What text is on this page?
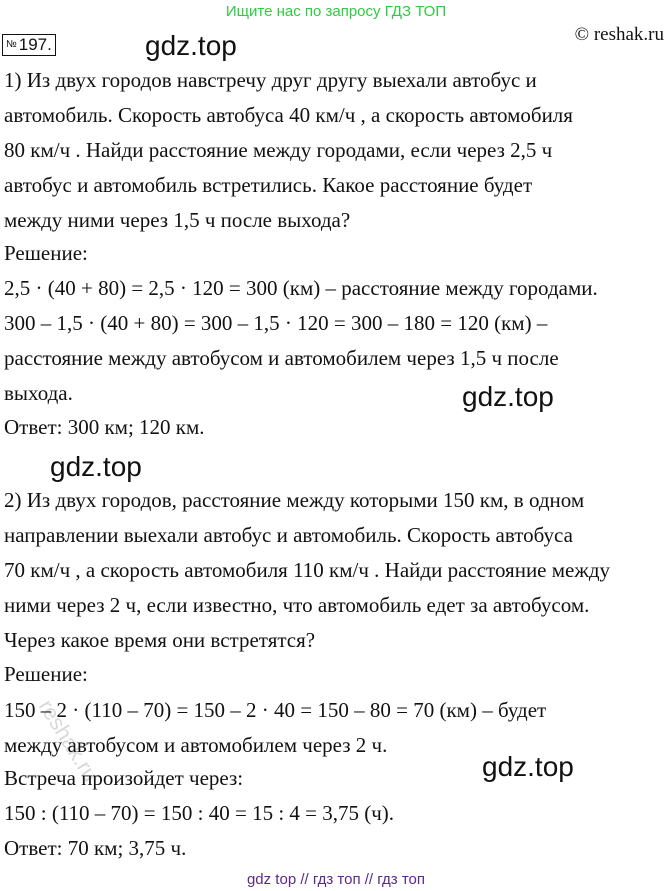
Ищите нас по запросу ГДЗ ТОП
№ 197.	© reshak.ru
gdz.top
gdz.top
gdz.top
gdz.top
reshak.ru
1) Из двух городов навстречу друг другу выехали автобус и
автомобиль. Скорость автобуса 40 км/ч , а скорость автомобиля
80 км/ч . Найди расстояние между городами, если через 2,5 ч
автобус и автомобиль встретились. Какое расстояние будет
между ними через 1,5 ч после выхода?
Решение:
2,5 · (40 + 80) = 2,5 · 120 = 300 (км) – расстояние между городами.
300 – 1,5 · (40 + 80) = 300 – 1,5 · 120 = 300 – 180 = 120 (км) –
расстояние между автобусом и автомобилем через 1,5 ч после
выхода.
Ответ: 300 км; 120 км.
2) Из двух городов, расстояние между которыми 150 км, в одном
направлении выехали автобус и автомобиль. Скорость автобуса
70 км/ч , а скорость автомобиля 110 км/ч . Найди расстояние между
ними через 2 ч, если известно, что автомобиль едет за автобусом.
Через какое время они встретятся?
Решение:
150 – 2 · (110 – 70) = 150 – 2 · 40 = 150 – 80 = 70 (км) – будет
между автобусом и автомобилем через 2 ч.
Встреча произойдет через:
150 : (110 – 70) = 150 : 40 = 15 : 4 = 3,75 (ч).
Ответ: 70 км; 3,75 ч.
gdz top // гдз топ // гдз топ
